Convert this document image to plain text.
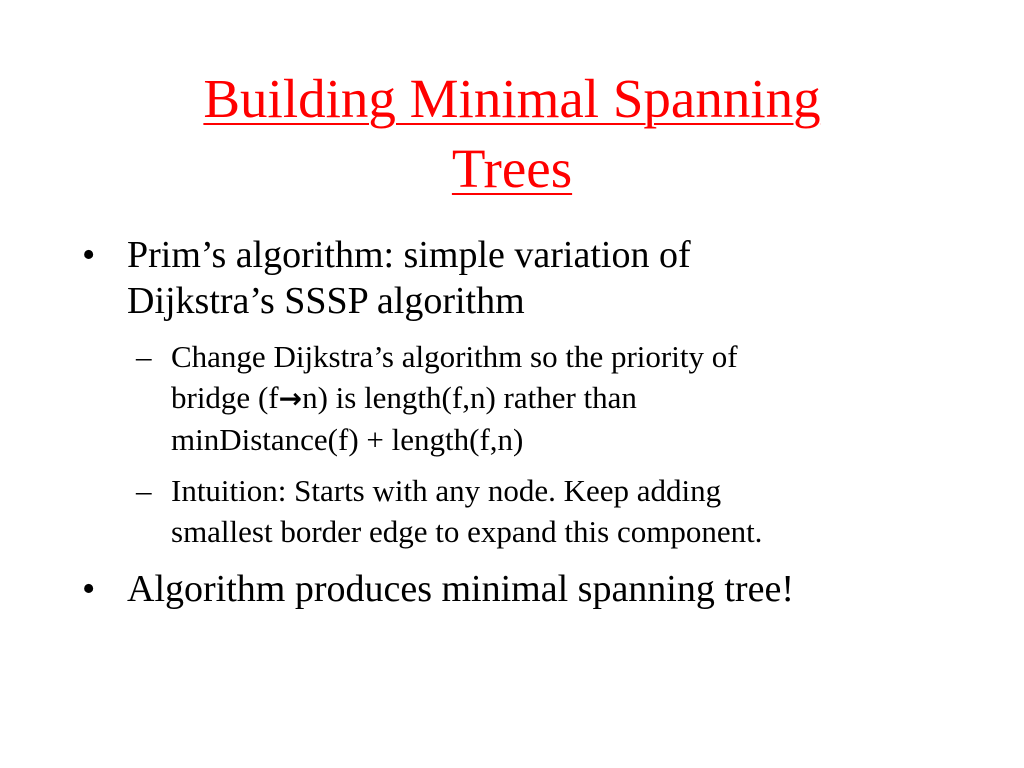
Building Minimal Spanning
Trees
• Prim’s algorithm: simple variation of
Dijkstra’s SSSP algorithm
– Change Dijkstra’s algorithm so the priority of
bridge (f→n) is length(f,n) rather than
minDistance(f) + length(f,n)
– Intuition: Starts with any node. Keep adding
smallest border edge to expand this component.
• Algorithm produces minimal spanning tree!
